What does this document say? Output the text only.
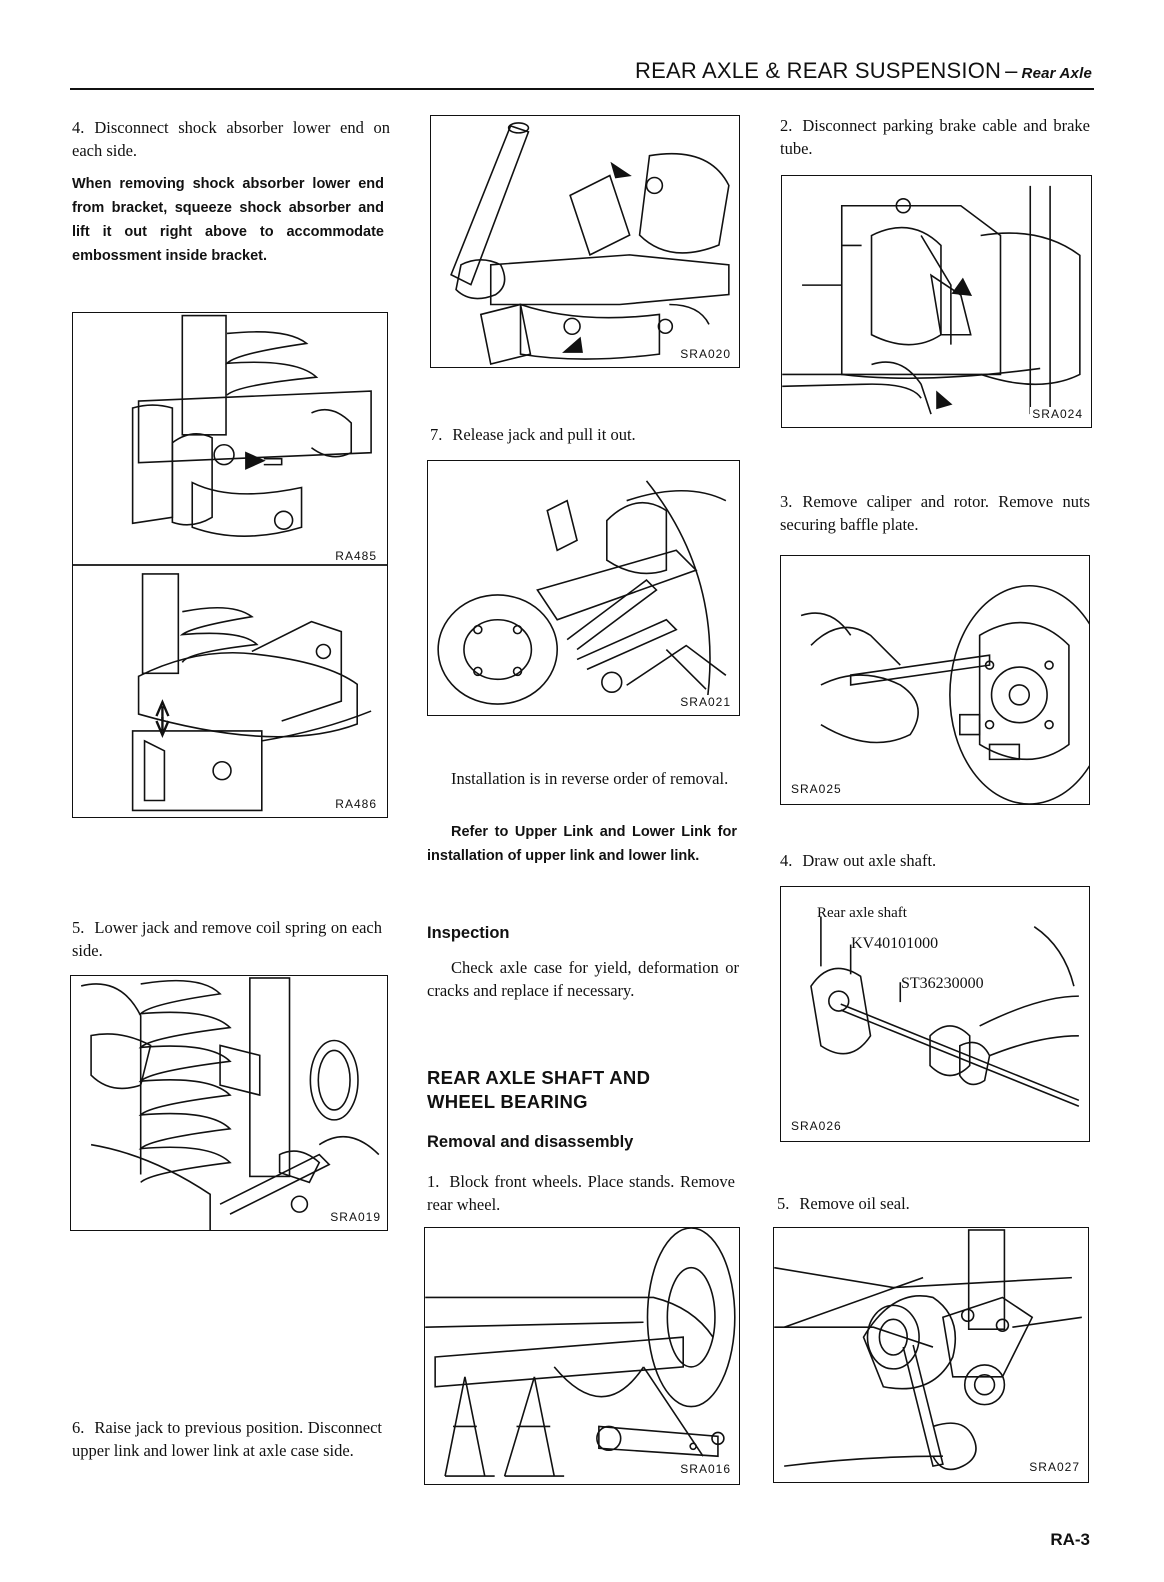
REAR AXLE & REAR SUSPENSION – Rear Axle
4. Disconnect shock absorber lower end on each side.
When removing shock absorber lower end from bracket, squeeze shock absorber and lift it out right above to accommodate embossment inside bracket.
RA485
RA486
5. Lower jack and remove coil spring on each side.
SRA019
6. Raise jack to previous position. Disconnect upper link and lower link at axle case side.
SRA020
7. Release jack and pull it out.
SRA021
Installation is in reverse order of removal.
Refer to Upper Link and Lower Link for installation of upper link and lower link.
Inspection
Check axle case for yield, deformation or cracks and replace if necessary.
REAR AXLE SHAFT AND
WHEEL BEARING
Removal and disassembly
1. Block front wheels. Place stands. Remove rear wheel.
SRA016
2. Disconnect parking brake cable and brake tube.
SRA024
3. Remove caliper and rotor. Remove nuts securing baffle plate.
SRA025
4. Draw out axle shaft.
Rear axle shaft
KV40101000
ST36230000
SRA026
5. Remove oil seal.
SRA027
RA-3
